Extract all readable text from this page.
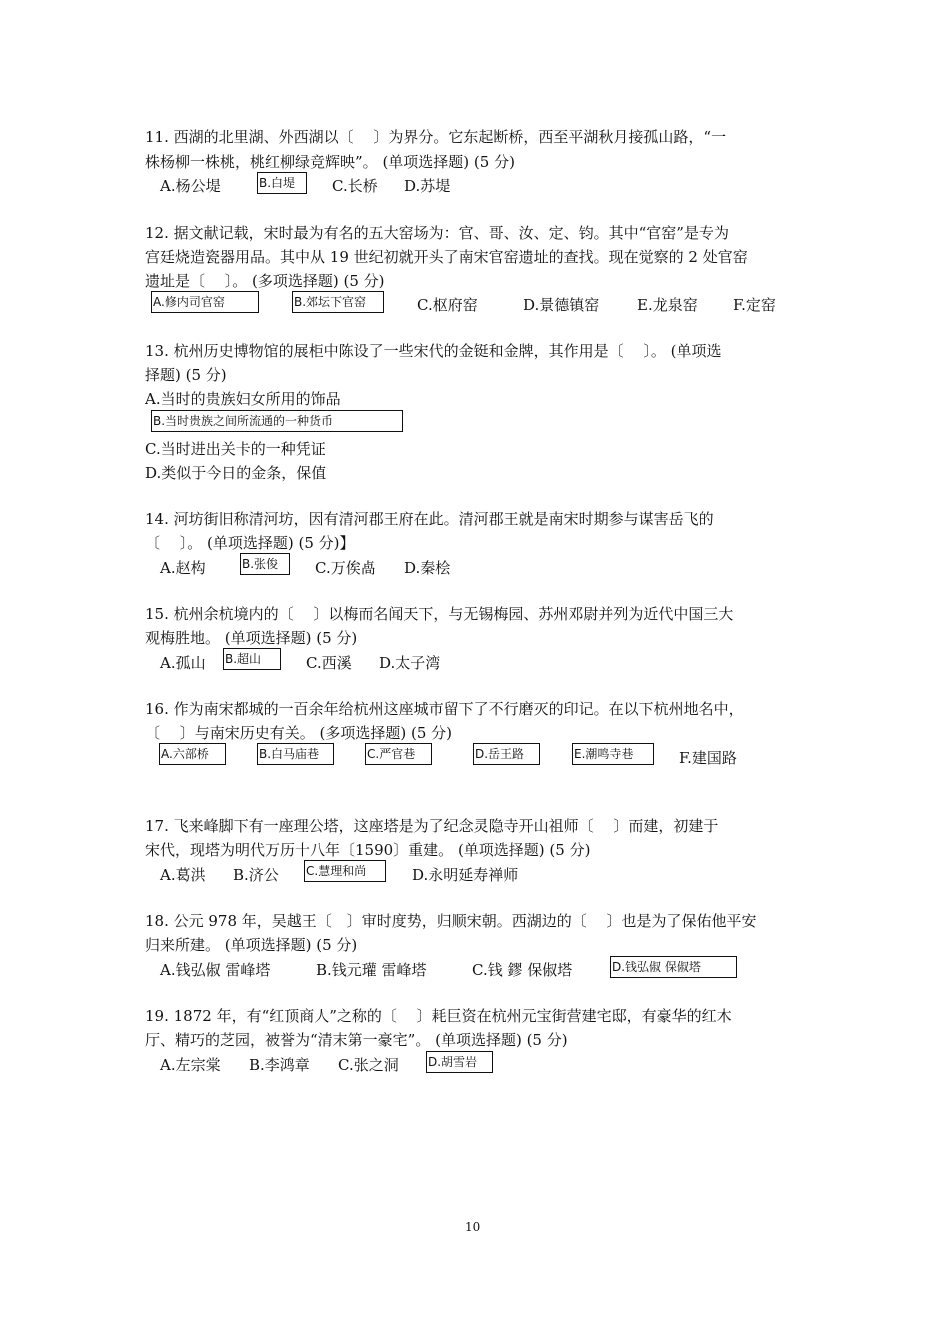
11. 西湖的北里湖、外西湖以〔　 〕为界分。它东起断桥，西至平湖秋月接孤山路，“一
株杨柳一株桃，桃红柳绿竞辉映”。 (单项选择题) (5 分)
A.杨公堤	B.白堤	C.长桥 D.苏堤
12. 据文献记载，宋时最为有名的五大窑场为：官、哥、汝、定、钧。其中“官窑”是专为
宫廷烧造瓷器用品。其中从 19 世纪初就开头了南宋官窑遗址的查找。现在觉察的 2 处官窑
遗址是〔　 〕。 (多项选择题) (5 分)
A.修内司官窑	B.郊坛下官窑	C.枢府窑	D.景德镇窑	E.龙泉窑 F.定窑
13. 杭州历史博物馆的展柜中陈设了一些宋代的金铤和金牌，其作用是〔　 〕。 (单项选
择题) (5 分)
A.当时的贵族妇女所用的饰品
B.当时贵族之间所流通的一种货币
C.当时进出关卡的一种凭证
D.类似于今日的金条，保值
14. 河坊街旧称清河坊，因有清河郡王府在此。清河郡王就是南宋时期参与谋害岳飞的
〔　 〕。 (单项选择题) (5 分)】
A.赵构	B.张俊	C.万俟卨 D.秦桧
15. 杭州余杭境内的〔　 〕以梅而名闻天下，与无锡梅园、苏州邓尉并列为近代中国三大
观梅胜地。 (单项选择题) (5 分)
A.孤山 B.超山	C.西溪 D.太子湾
16. 作为南宋都城的一百余年给杭州这座城市留下了不行磨灭的印记。在以下杭州地名中，
〔　 〕与南宋历史有关。 (多项选择题) (5 分)
A.六部桥	B.白马庙巷	C.严官巷	D.岳王路	E.潮鸣寺巷	F.建国路
17. 飞来峰脚下有一座理公塔，这座塔是为了纪念灵隐寺开山祖师〔　 〕而建，初建于
宋代，现塔为明代万历十八年〔1590〕重建。 (单项选择题) (5 分)
A.葛洪 B.济公 C.慧理和尚	D.永明延寿禅师
18. 公元 978 年，吴越王〔　〕审时度势，归顺宋朝。西湖边的〔　 〕也是为了保佑他平安
归来所建。 (单项选择题) (5 分)
A.钱弘俶 雷峰塔	B.钱元瓘 雷峰塔	C.钱 鏐 保俶塔	D.钱弘俶 保俶塔
19. 1872 年，有“红顶商人”之称的〔　 〕耗巨资在杭州元宝街营建宅邸，有豪华的红木
厅、精巧的芝园，被誉为“清末第一豪宅”。 (单项选择题) (5 分)
A.左宗棠 B.李鸿章 C.张之洞 D.胡雪岩
10
